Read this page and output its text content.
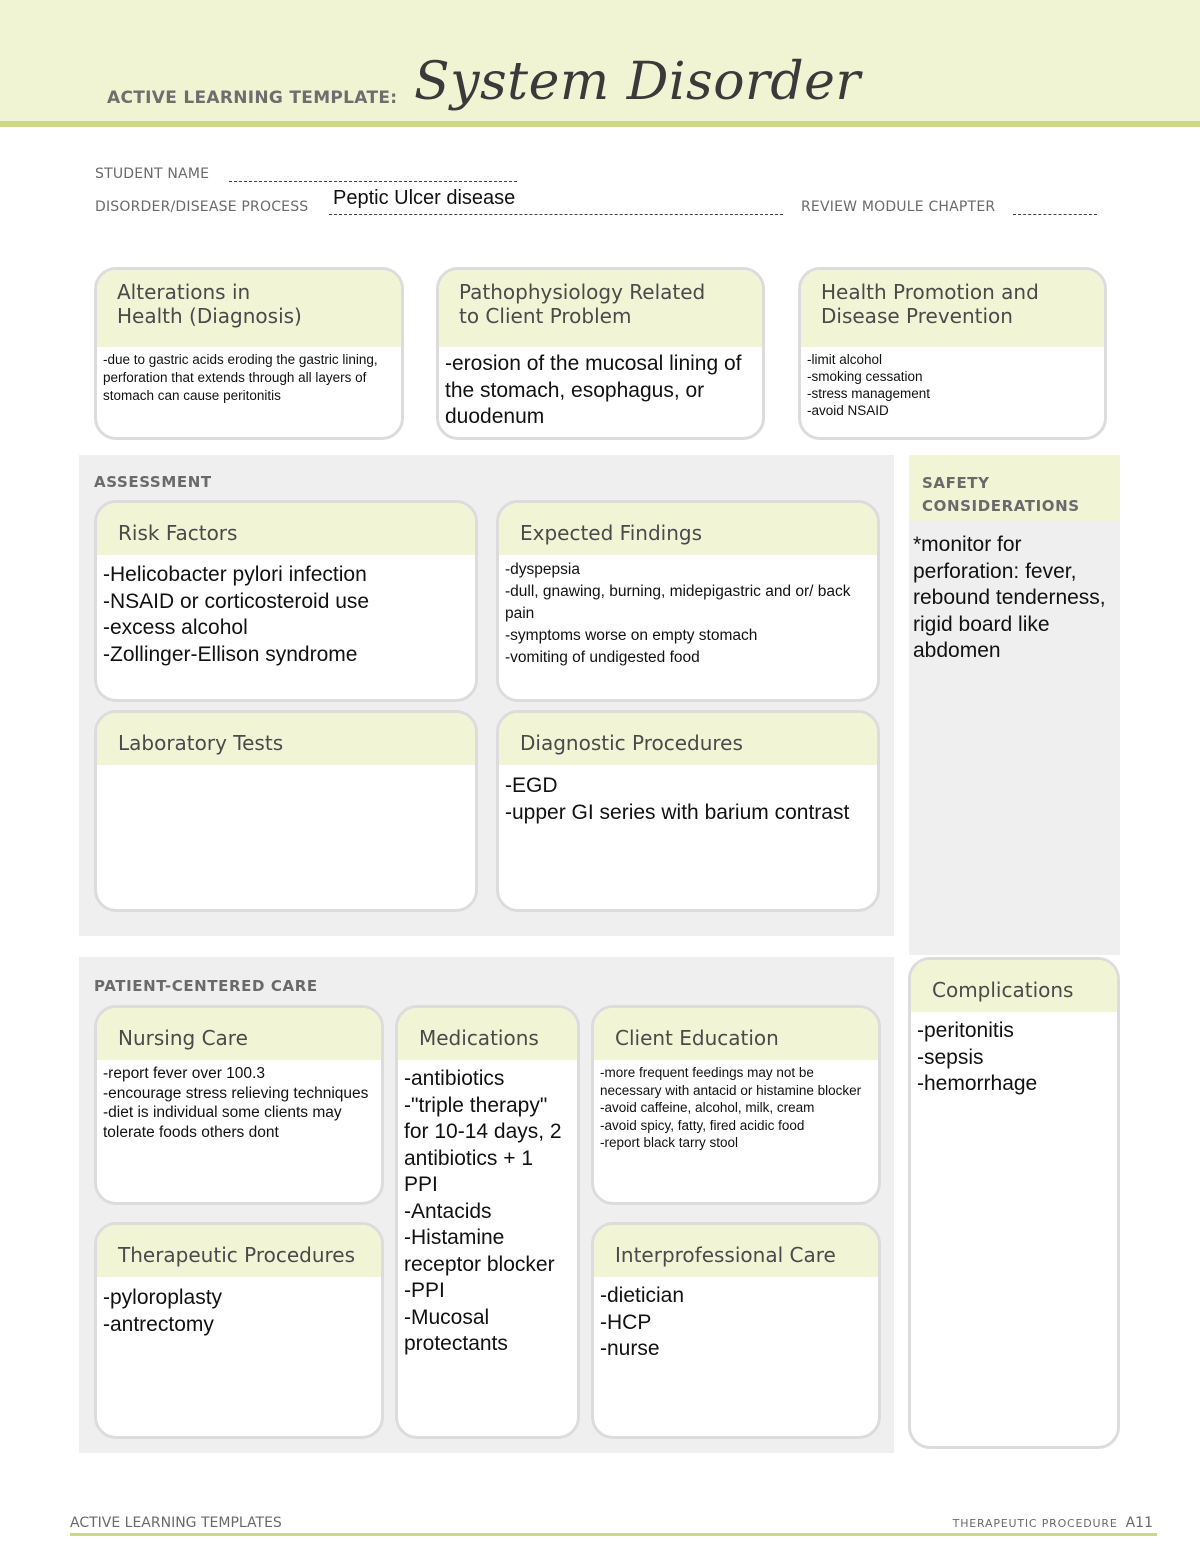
ACTIVE LEARNING TEMPLATE: System Disorder
STUDENT NAME
DISORDER/DISEASE PROCESS Peptic Ulcer disease	REVIEW MODULE CHAPTER
Alterations in
Health (Diagnosis)
-due to gastric acids eroding the gastric lining, perforation that extends through all layers of stomach can cause peritonitis
Pathophysiology Related
to Client Problem
-erosion of the mucosal lining of the stomach, esophagus, or duodenum
Health Promotion and
Disease Prevention
-limit alcohol
-smoking cessation
-stress management
-avoid NSAID
ASSESSMENT
Risk Factors
-Helicobacter pylori infection
-NSAID or corticosteroid use
-excess alcohol
-Zollinger-Ellison syndrome
Expected Findings
-dyspepsia
-dull, gnawing, burning, midepigastric and or/ back pain
-symptoms worse on empty stomach
-vomiting of undigested food
Laboratory Tests	Diagnostic Procedures
-EGD
-upper GI series with barium contrast
SAFETY
CONSIDERATIONS
*monitor for perforation: fever, rebound tenderness, rigid board like abdomen
PATIENT-CENTERED CARE
Nursing Care
-report fever over 100.3
-encourage stress relieving techniques
-diet is individual some clients may tolerate foods others dont
Medications
-antibiotics
-"triple therapy" for 10-14 days, 2 antibiotics + 1 PPI
-Antacids
-Histamine receptor blocker
-PPI
-Mucosal protectants
Client Education
-more frequent feedings may not be necessary with antacid or histamine blocker
-avoid caffeine, alcohol, milk, cream
-avoid spicy, fatty, fired acidic food
-report black tarry stool
Therapeutic Procedures
-pyloroplasty
-antrectomy
Interprofessional Care
-dietician
-HCP
-nurse
Complications
-peritonitis
-sepsis
-hemorrhage
ACTIVE LEARNING TEMPLATES	THERAPEUTIC PROCEDURE A11
